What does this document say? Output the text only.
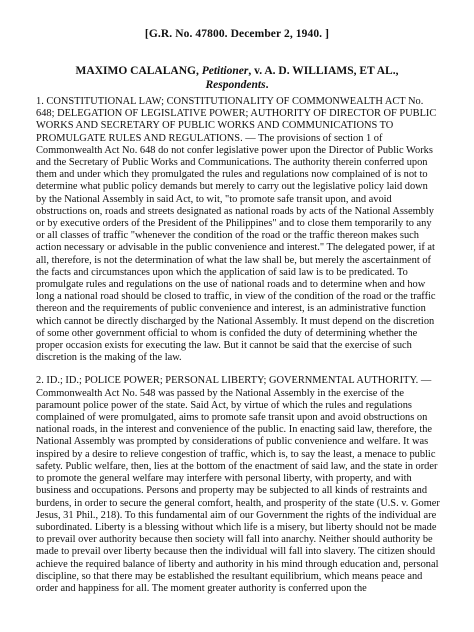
[G.R. No. 47800. December 2, 1940. ]
MAXIMO CALALANG, Petitioner, v. A. D. WILLIAMS, ET AL., Respondents.

1. CONSTITUTIONAL LAW; CONSTITUTIONALITY OF COMMONWEALTH ACT No. 648; DELEGATION OF LEGISLATIVE POWER; AUTHORITY OF DIRECTOR OF PUBLIC WORKS AND SECRETARY OF PUBLIC WORKS AND COMMUNICATIONS TO PROMULGATE RULES AND REGULATIONS. — The provisions of section 1 of Commonwealth Act No. 648 do not confer legislative power upon the Director of Public Works and the Secretary of Public Works and Communications. The authority therein conferred upon them and under which they promulgated the rules and regulations now complained of is not to determine what public policy demands but merely to carry out the legislative policy laid down by the National Assembly in said Act, to wit, "to promote safe transit upon, and avoid obstructions on, roads and streets designated as national roads by acts of the National Assembly or by executive orders of the President of the Philippines" and to close them temporarily to any or all classes of traffic "whenever the condition of the road or the traffic thereon makes such action necessary or advisable in the public convenience and interest." The delegated power, if at all, therefore, is not the determination of what the law shall be, but merely the ascertainment of the facts and circumstances upon which the application of said law is to be predicated. To promulgate rules and regulations on the use of national roads and to determine when and how long a national road should be closed to traffic, in view of the condition of the road or the traffic thereon and the requirements of public convenience and interest, is an administrative function which cannot be directly discharged by the National Assembly. It must depend on the discretion of some other government official to whom is confided the duty of determining whether the proper occasion exists for executing the law. But it cannot be said that the exercise of such discretion is the making of the law.

2. ID.; ID.; POLICE POWER; PERSONAL LIBERTY; GOVERNMENTAL AUTHORITY. — Commonwealth Act No. 548 was passed by the National Assembly in the exercise of the paramount police power of the state. Said Act, by virtue of which the rules and regulations complained of were promulgated, aims to promote safe transit upon and avoid obstructions on national roads, in the interest and convenience of the public. In enacting said law, therefore, the National Assembly was prompted by considerations of public convenience and welfare. It was inspired by a desire to relieve congestion of traffic, which is, to say the least, a menace to public safety. Public welfare, then, lies at the bottom of the enactment of said law, and the state in order to promote the general welfare may interfere with personal liberty, with property, and with business and occupations. Persons and property may be subjected to all kinds of restraints and burdens, in order to secure the general comfort, health, and prosperity of the state (U.S. v. Gomer Jesus, 31 Phil., 218). To this fundamental aim of our Government the rights of the individual are subordinated. Liberty is a blessing without which life is a misery, but liberty should not be made to prevail over authority because then society will fall into anarchy. Neither should authority be made to prevail over liberty because then the individual will fall into slavery. The citizen should achieve the required balance of liberty and authority in his mind through education and, personal discipline, so that there may be established the resultant equilibrium, which means peace and order and happiness for all. The moment greater authority is conferred upon the
